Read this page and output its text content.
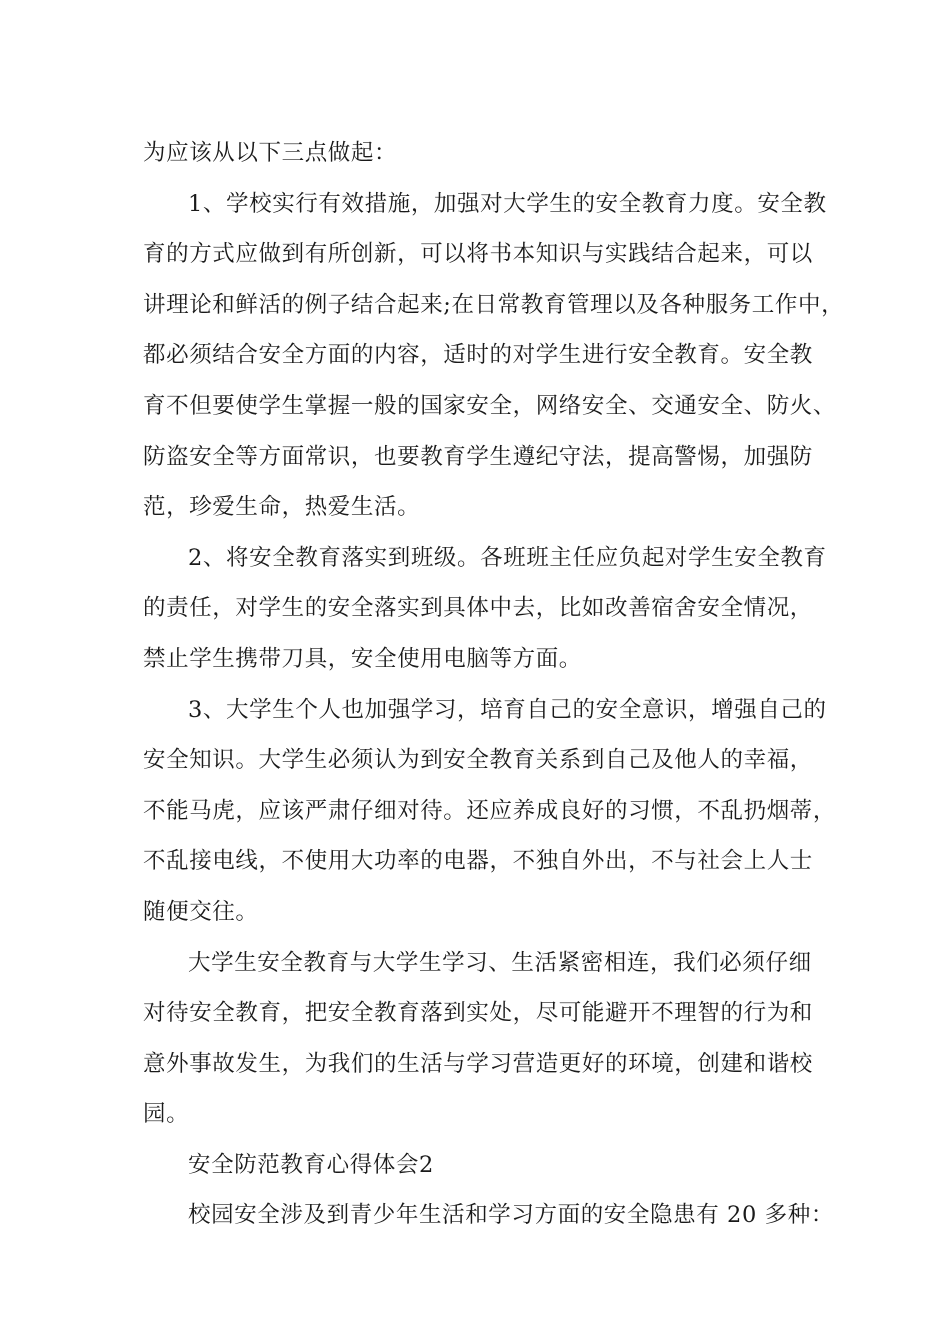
为应该从以下三点做起：
1、学校实行有效措施，加强对大学生的安全教育力度。安全教
育的方式应做到有所创新，可以将书本知识与实践结合起来，可以
讲理论和鲜活的例子结合起来;在日常教育管理以及各种服务工作中，
都必须结合安全方面的内容，适时的对学生进行安全教育。安全教
育不但要使学生掌握一般的国家安全，网络安全、交通安全、防火、
防盗安全等方面常识，也要教育学生遵纪守法，提高警惕，加强防
范，珍爱生命，热爱生活。
2、将安全教育落实到班级。各班班主任应负起对学生安全教育
的责任，对学生的安全落实到具体中去，比如改善宿舍安全情况，
禁止学生携带刀具，安全使用电脑等方面。
3、大学生个人也加强学习，培育自己的安全意识，增强自己的
安全知识。大学生必须认为到安全教育关系到自己及他人的幸福，
不能马虎，应该严肃仔细对待。还应养成良好的习惯，不乱扔烟蒂，
不乱接电线，不使用大功率的电器，不独自外出，不与社会上人士
随便交往。
大学生安全教育与大学生学习、生活紧密相连，我们必须仔细
对待安全教育，把安全教育落到实处，尽可能避开不理智的行为和
意外事故发生，为我们的生活与学习营造更好的环境，创建和谐校
园。
安全防范教育心得体会2
校园安全涉及到青少年生活和学习方面的安全隐患有 20 多种：
